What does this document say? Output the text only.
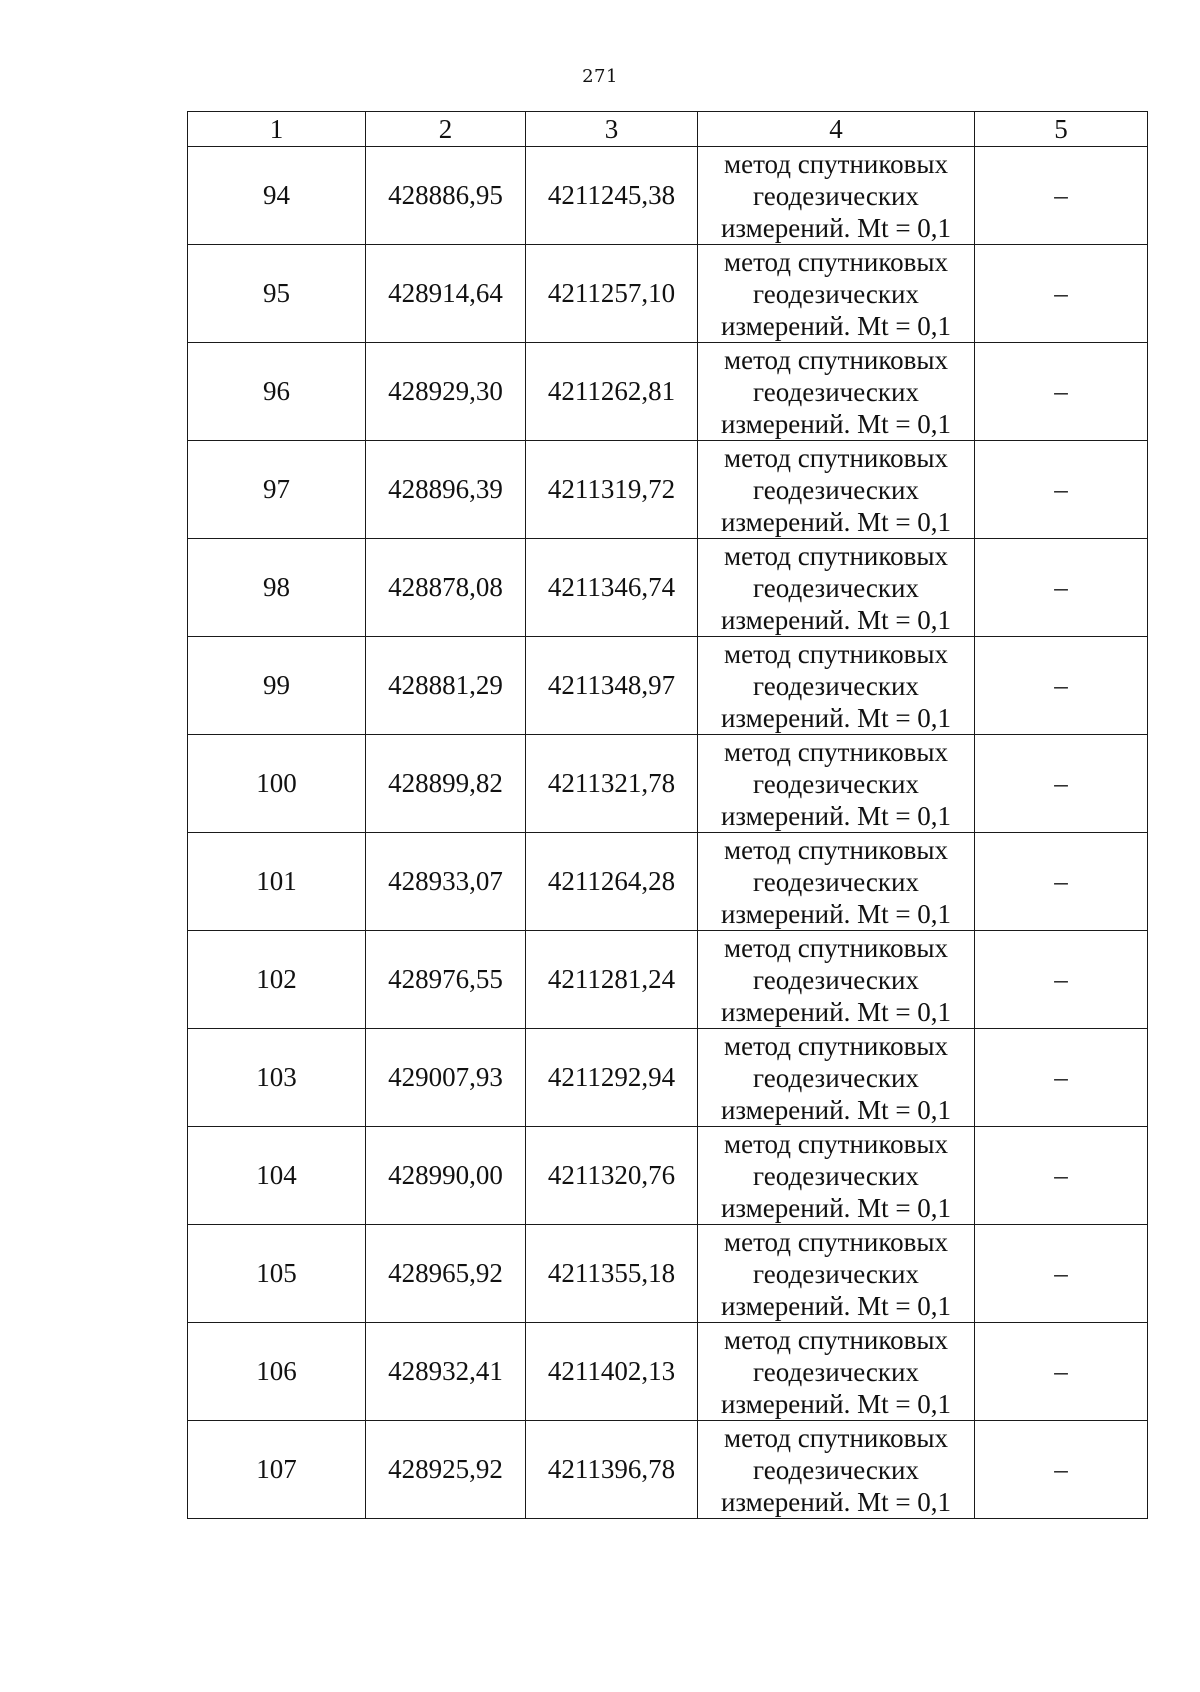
271
1	2	3	4	5
94	428886,95	4211245,38	метод спутниковых
геодезических
измерений. Mt = 0,1	–
95	428914,64	4211257,10	метод спутниковых
геодезических
измерений. Mt = 0,1	–
96	428929,30	4211262,81	метод спутниковых
геодезических
измерений. Mt = 0,1	–
97	428896,39	4211319,72	метод спутниковых
геодезических
измерений. Mt = 0,1	–
98	428878,08	4211346,74	метод спутниковых
геодезических
измерений. Mt = 0,1	–
99	428881,29	4211348,97	метод спутниковых
геодезических
измерений. Mt = 0,1	–
100	428899,82	4211321,78	метод спутниковых
геодезических
измерений. Mt = 0,1	–
101	428933,07	4211264,28	метод спутниковых
геодезических
измерений. Mt = 0,1	–
102	428976,55	4211281,24	метод спутниковых
геодезических
измерений. Mt = 0,1	–
103	429007,93	4211292,94	метод спутниковых
геодезических
измерений. Mt = 0,1	–
104	428990,00	4211320,76	метод спутниковых
геодезических
измерений. Mt = 0,1	–
105	428965,92	4211355,18	метод спутниковых
геодезических
измерений. Mt = 0,1	–
106	428932,41	4211402,13	метод спутниковых
геодезических
измерений. Mt = 0,1	–
107	428925,92	4211396,78	метод спутниковых
геодезических
измерений. Mt = 0,1	–
